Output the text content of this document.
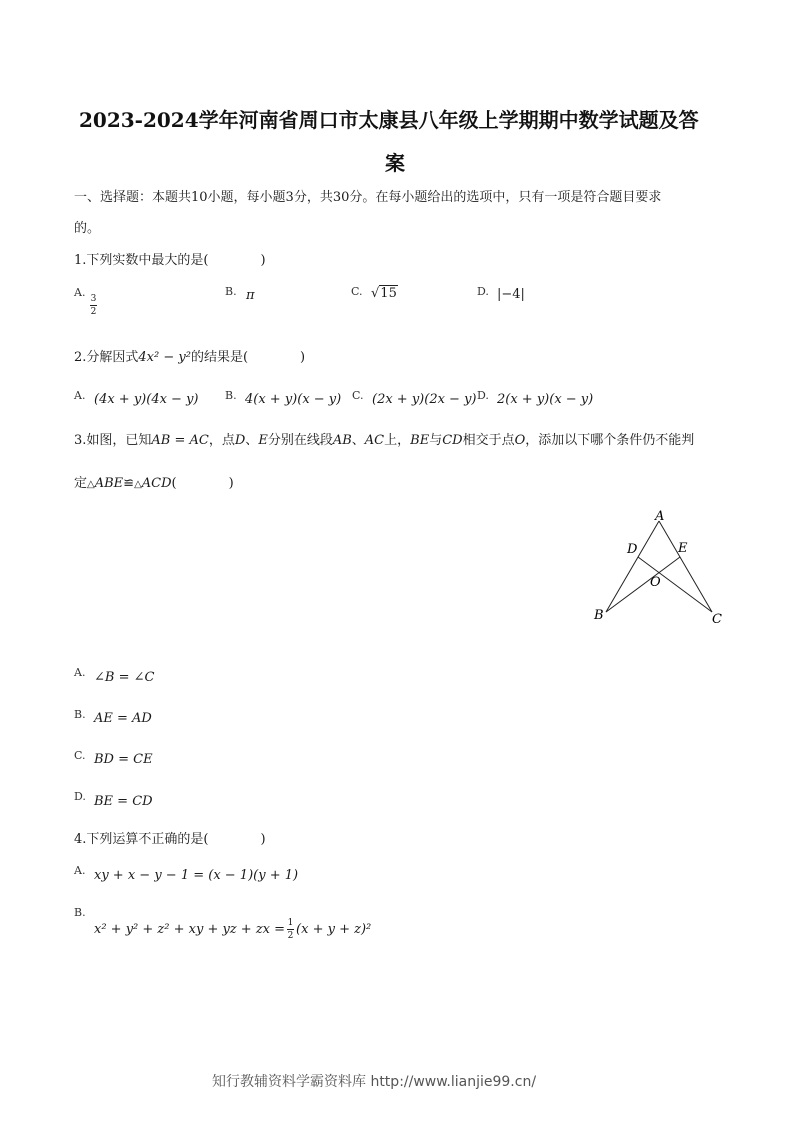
2023-2024学年河南省周口市太康县八年级上学期期中数学试题及答
案
一、选择题：本题共10小题，每小题3分，共30分。在每小题给出的选项中，只有一项是符合题目要求
的。
1.下列实数中最大的是(　　　　)
A.
$\frac{3}{2}$
B. π	C. √15	D. |−4|
2.分解因式4x² − y²的结果是(　　　　)
A. (4x + y)(4x − y) B. 4(x + y)(x − y) C. (2x + y)(2x − y) D. 2(x + y)(x − y)
3.如图，已知AB = AC，点D、E分别在线段AB、AC上，BE与CD相交于点O，添加以下哪个条件仍不能判
定△ABE≌△ACD(　　　　)
A
D	E
O
B	C
A. ∠B = ∠C
B. AE = AD
C. BD = CE
D. BE = CD
4.下列运算不正确的是(　　　　)
A. xy + x − y − 1 = (x − 1)(y + 1)
B.
x² + y² + z² + xy + yz + zx = $\frac{1}{2} (x + y + z)^2$
知行教辅资料学霸资料库 http://www.lianjie99.cn/
